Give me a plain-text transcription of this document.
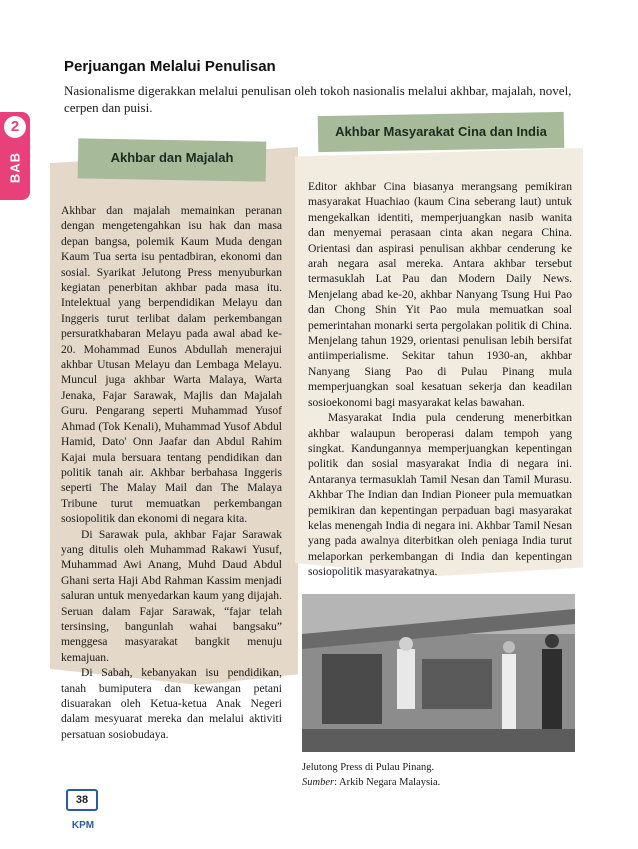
2
BAB
Perjuangan Melalui Penulisan
Nasionalisme digerakkan melalui penulisan oleh tokoh nasionalis melalui akhbar, majalah, novel, cerpen dan puisi.
Akhbar dan Majalah

Akhbar dan majalah memainkan peranan dengan mengetengahkan isu hak dan masa depan bangsa, polemik Kaum Muda dengan Kaum Tua serta isu pentadbiran, ekonomi dan sosial. Syarikat Jelutong Press menyuburkan kegiatan penerbitan akhbar pada masa itu. Intelektual yang berpendidikan Melayu dan Inggeris turut terlibat dalam perkembangan persuratkhabaran Melayu pada awal abad ke-20. Mohammad Eunos Abdullah menerajui akhbar Utusan Melayu dan Lembaga Melayu. Muncul juga akhbar Warta Malaya, Warta Jenaka, Fajar Sarawak, Majlis dan Majalah Guru. Pengarang seperti Muhammad Yusof Ahmad (Tok Kenali), Muhammad Yusof Abdul Hamid, Dato' Onn Jaafar dan Abdul Rahim Kajai mula bersuara tentang pendidikan dan politik tanah air. Akhbar berbahasa Inggeris seperti The Malay Mail dan The Malaya Tribune turut memuatkan perkembangan sosiopolitik dan ekonomi di negara kita.

Di Sarawak pula, akhbar Fajar Sarawak yang ditulis oleh Muhammad Rakawi Yusuf, Muhammad Awi Anang, Muhd Daud Abdul Ghani serta Haji Abd Rahman Kassim menjadi saluran untuk menyedarkan kaum yang dijajah. Seruan dalam Fajar Sarawak, “fajar telah tersinsing, bangunlah wahai bangsaku” menggesa masyarakat bangkit menuju kemajuan.

Di Sabah, kebanyakan isu pendidikan, tanah bumiputera dan kewangan petani disuarakan oleh Ketua-ketua Anak Negeri dalam mesyuarat mereka dan melalui aktiviti persatuan sosiobudaya.

Akhbar Masyarakat Cina dan India

Editor akhbar Cina biasanya merangsang pemikiran masyarakat Huachiao (kaum Cina seberang laut) untuk mengekalkan identiti, memperjuangkan nasib wanita dan menyemai perasaan cinta akan negara China. Orientasi dan aspirasi penulisan akhbar cenderung ke arah negara asal mereka. Antara akhbar tersebut termasuklah Lat Pau dan Modern Daily News. Menjelang abad ke-20, akhbar Nanyang Tsung Hui Pao dan Chong Shin Yit Pao mula memuatkan soal pemerintahan monarki serta pergolakan politik di China. Menjelang tahun 1929, orientasi penulisan lebih bersifat antiimperialisme. Sekitar tahun 1930-an, akhbar Nanyang Siang Pao di Pulau Pinang mula memperjuangkan soal kesatuan sekerja dan keadilan sosioekonomi bagi masyarakat kelas bawahan.

Masyarakat India pula cenderung menerbitkan akhbar walaupun beroperasi dalam tempoh yang singkat. Kandungannya memperjuangkan kepentingan politik dan sosial masyarakat India di negara ini. Antaranya termasuklah Tamil Nesan dan Tamil Murasu. Akhbar The Indian dan Indian Pioneer pula memuatkan pemikiran dan kepentingan perpaduan bagi masyarakat kelas menengah India di negara ini. Akhbar Tamil Nesan yang pada awalnya diterbitkan oleh peniaga India turut melaporkan perkembangan di India dan kepentingan sosiopolitik masyarakatnya.

Jelutong Press di Pulau Pinang.
Sumber: Arkib Negara Malaysia.
38
KPM
